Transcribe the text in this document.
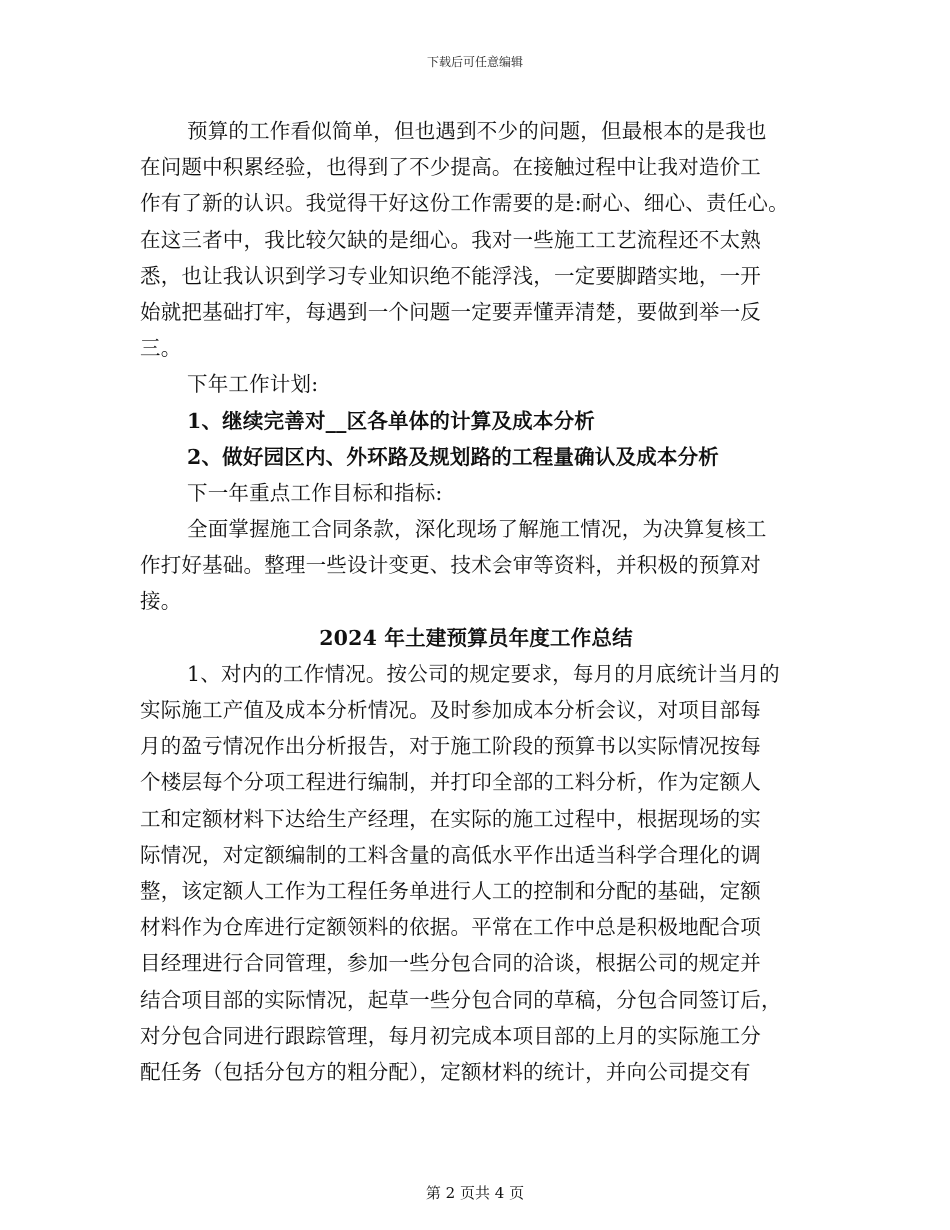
下载后可任意编辑
预算的工作看似简单，但也遇到不少的问题，但最根本的是我也
在问题中积累经验，也得到了不少提高。在接触过程中让我对造价工
作有了新的认识。我觉得干好这份工作需要的是:耐心、细心、责任心。
在这三者中，我比较欠缺的是细心。我对一些施工工艺流程还不太熟
悉，也让我认识到学习专业知识绝不能浮浅，一定要脚踏实地，一开
始就把基础打牢，每遇到一个问题一定要弄懂弄清楚，要做到举一反
三。
下年工作计划:
1、继续完善对__区各单体的计算及成本分析
2、做好园区内、外环路及规划路的工程量确认及成本分析
下一年重点工作目标和指标:
全面掌握施工合同条款，深化现场了解施工情况，为决算复核工
作打好基础。整理一些设计变更、技术会审等资料，并积极的预算对
接。
2024 年土建预算员年度工作总结
1、对内的工作情况。按公司的规定要求，每月的月底统计当月的
实际施工产值及成本分析情况。及时参加成本分析会议，对项目部每
月的盈亏情况作出分析报告，对于施工阶段的预算书以实际情况按每
个楼层每个分项工程进行编制，并打印全部的工料分析，作为定额人
工和定额材料下达给生产经理，在实际的施工过程中，根据现场的实
际情况，对定额编制的工料含量的高低水平作出适当科学合理化的调
整，该定额人工作为工程任务单进行人工的控制和分配的基础，定额
材料作为仓库进行定额领料的依据。平常在工作中总是积极地配合项
目经理进行合同管理，参加一些分包合同的洽谈，根据公司的规定并
结合项目部的实际情况，起草一些分包合同的草稿，分包合同签订后，
对分包合同进行跟踪管理，每月初完成本项目部的上月的实际施工分
配任务（包括分包方的粗分配），定额材料的统计，并向公司提交有
第 2 页共 4 页
